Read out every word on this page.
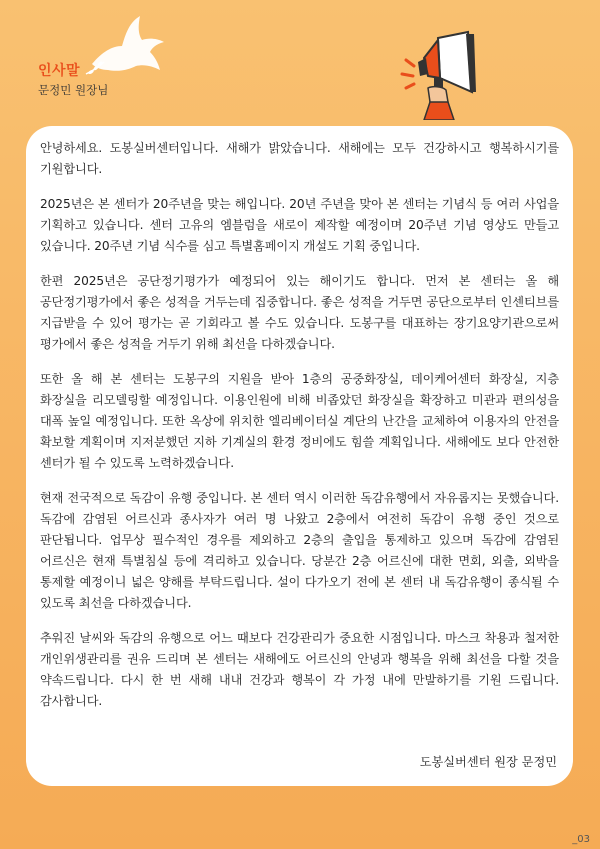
인사말
문정민 원장님

안녕하세요. 도봉실버센터입니다. 새해가 밝았습니다. 새해에는 모두 건강하시고 행복하시기를 기원합니다.

2025년은 본 센터가 20주년을 맞는 해입니다. 20년 주년을 맞아 본 센터는 기념식 등 여러 사업을 기획하고 있습니다. 센터 고유의 엠블럼을 새로이 제작할 예정이며 20주년 기념 영상도 만들고 있습니다. 20주년 기념 식수를 심고 특별홈페이지 개설도 기획 중입니다.

한편 2025년은 공단정기평가가 예정되어 있는 해이기도 합니다. 먼저 본 센터는 올 해 공단정기평가에서 좋은 성적을 거두는데 집중합니다. 좋은 성적을 거두면 공단으로부터 인센티브를 지급받을 수 있어 평가는 곧 기회라고 볼 수도 있습니다. 도봉구를 대표하는 장기요양기관으로써 평가에서 좋은 성적을 거두기 위해 최선을 다하겠습니다.

또한 올 해 본 센터는 도봉구의 지원을 받아 1층의 공중화장실, 데이케어센터 화장실, 지층 화장실을 리모델링할 예정입니다. 이용인원에 비해 비좁았던 화장실을 확장하고 미관과 편의성을 대폭 높일 예정입니다. 또한 옥상에 위치한 엘리베이터실 계단의 난간을 교체하여 이용자의 안전을 확보할 계획이며 지저분했던 지하 기계실의 환경 정비에도 힘쓸 계획입니다. 새해에도 보다 안전한 센터가 될 수 있도록 노력하겠습니다.

현재 전국적으로 독감이 유행 중입니다. 본 센터 역시 이러한 독감유행에서 자유롭지는 못했습니다. 독감에 감염된 어르신과 종사자가 여러 명 나왔고 2층에서 여전히 독감이 유행 중인 것으로 판단됩니다. 업무상 필수적인 경우를 제외하고 2층의 출입을 통제하고 있으며 독감에 감염된 어르신은 현재 특별침실 등에 격리하고 있습니다. 당분간 2층 어르신에 대한 면회, 외출, 외박을 통제할 예정이니 넓은 양해를 부탁드립니다. 설이 다가오기 전에 본 센터 내 독감유행이 종식될 수 있도록 최선을 다하겠습니다.

추워진 날씨와 독감의 유행으로 어느 때보다 건강관리가 중요한 시점입니다. 마스크 착용과 철저한 개인위생관리를 권유 드리며 본 센터는 새해에도 어르신의 안녕과 행복을 위해 최선을 다할 것을 약속드립니다. 다시 한 번 새해 내내 건강과 행복이 각 가정 내에 만발하기를 기원 드립니다. 감사합니다.

도봉실버센터 원장 문정민
_03
